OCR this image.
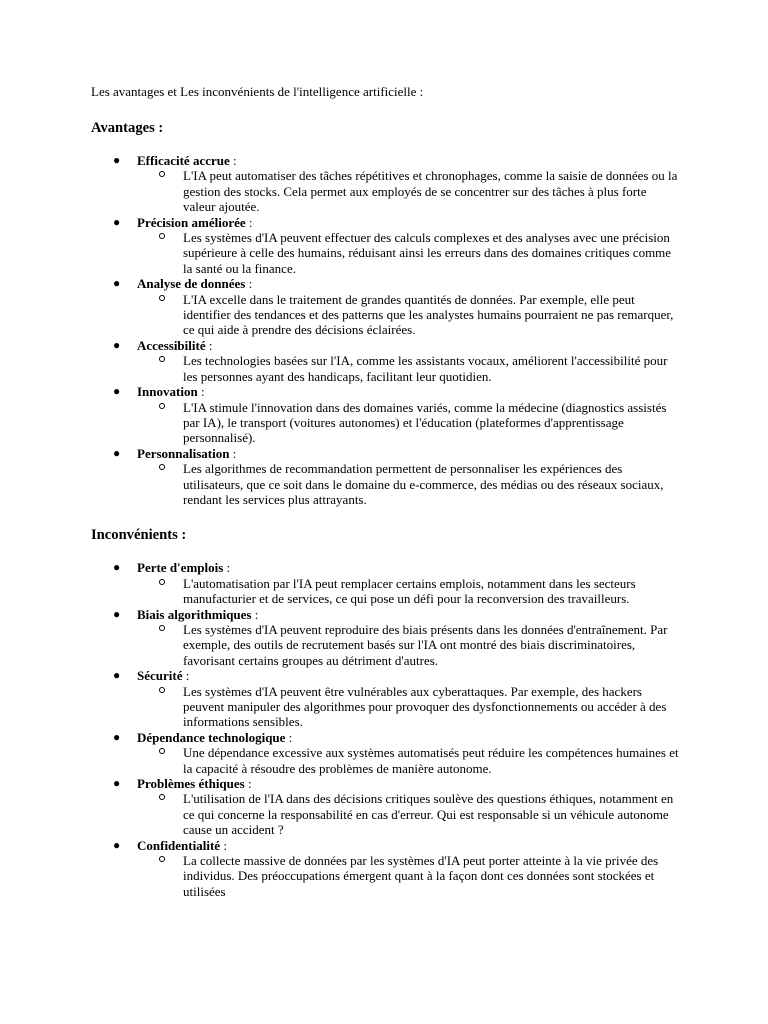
Les avantages et Les inconvénients de l'intelligence artificielle :

Avantages :
● Efficacité accrue :
L'IA peut automatiser des tâches répétitives et chronophages, comme la saisie de données ou la gestion des stocks. Cela permet aux employés de se concentrer sur des tâches à plus forte valeur ajoutée.
● Précision améliorée :
Les systèmes d'IA peuvent effectuer des calculs complexes et des analyses avec une précision supérieure à celle des humains, réduisant ainsi les erreurs dans des domaines critiques comme la santé ou la finance.
● Analyse de données :
L'IA excelle dans le traitement de grandes quantités de données. Par exemple, elle peut identifier des tendances et des patterns que les analystes humains pourraient ne pas remarquer, ce qui aide à prendre des décisions éclairées.
● Accessibilité :
Les technologies basées sur l'IA, comme les assistants vocaux, améliorent l'accessibilité pour les personnes ayant des handicaps, facilitant leur quotidien.
● Innovation :
L'IA stimule l'innovation dans des domaines variés, comme la médecine (diagnostics assistés par IA), le transport (voitures autonomes) et l'éducation (plateformes d'apprentissage personnalisé).
● Personnalisation :
Les algorithmes de recommandation permettent de personnaliser les expériences des utilisateurs, que ce soit dans le domaine du e-commerce, des médias ou des réseaux sociaux, rendant les services plus attrayants.
Inconvénients :
● Perte d'emplois :
L'automatisation par l'IA peut remplacer certains emplois, notamment dans les secteurs manufacturier et de services, ce qui pose un défi pour la reconversion des travailleurs.
● Biais algorithmiques :
Les systèmes d'IA peuvent reproduire des biais présents dans les données d'entraînement. Par exemple, des outils de recrutement basés sur l'IA ont montré des biais discriminatoires, favorisant certains groupes au détriment d'autres.
● Sécurité :
Les systèmes d'IA peuvent être vulnérables aux cyberattaques. Par exemple, des hackers peuvent manipuler des algorithmes pour provoquer des dysfonctionnements ou accéder à des informations sensibles.
● Dépendance technologique :
Une dépendance excessive aux systèmes automatisés peut réduire les compétences humaines et la capacité à résoudre des problèmes de manière autonome.
● Problèmes éthiques :
L'utilisation de l'IA dans des décisions critiques soulève des questions éthiques, notamment en ce qui concerne la responsabilité en cas d'erreur. Qui est responsable si un véhicule autonome cause un accident ?
● Confidentialité :
La collecte massive de données par les systèmes d'IA peut porter atteinte à la vie privée des individus. Des préoccupations émergent quant à la façon dont ces données sont stockées et utilisées
